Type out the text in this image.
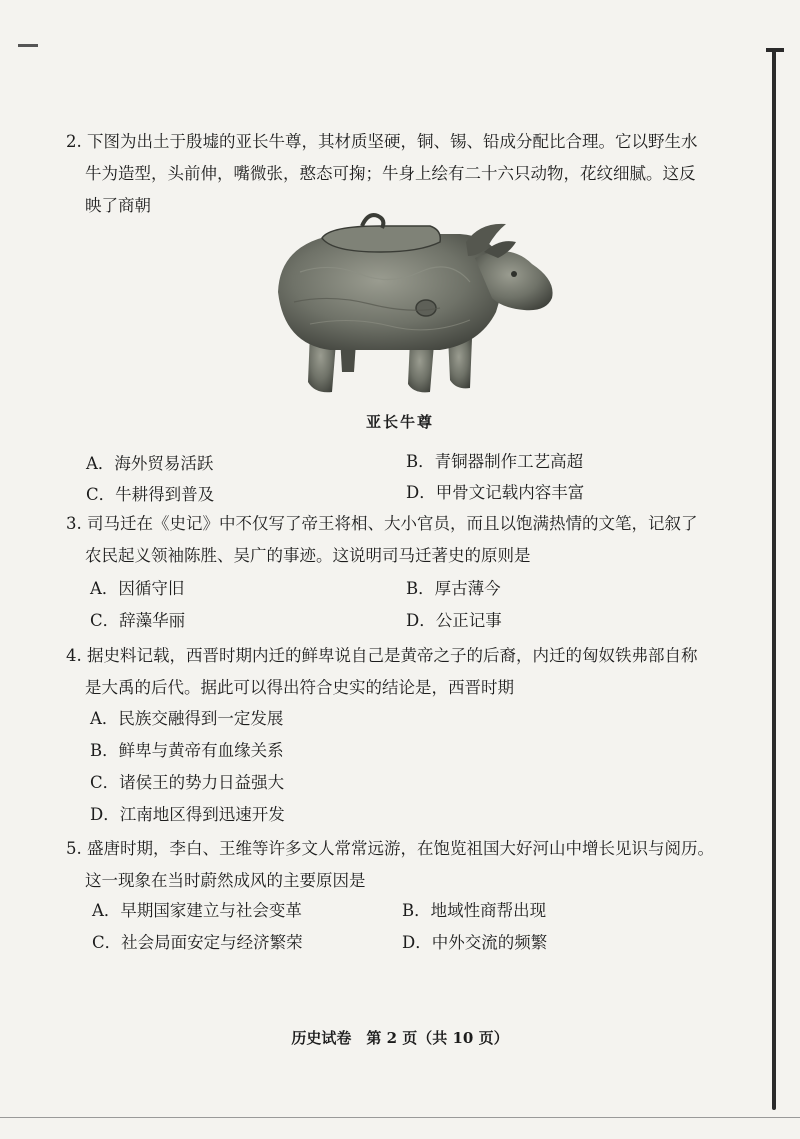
2. 下图为出土于殷墟的亚长牛尊，其材质坚硬，铜、锡、铅成分配比合理。它以野生水

牛为造型，头前伸，嘴微张，憨态可掬；牛身上绘有二十六只动物，花纹细腻。这反

映了商朝

亚长牛尊
A．海外贸易活跃	B．青铜器制作工艺高超
C．牛耕得到普及	D．甲骨文记载内容丰富

3. 司马迁在《史记》中不仅写了帝王将相、大小官员，而且以饱满热情的文笔，记叙了

农民起义领袖陈胜、吴广的事迹。这说明司马迁著史的原则是

A．因循守旧	B．厚古薄今
C．辞藻华丽	D．公正记事

4. 据史料记载，西晋时期内迁的鲜卑说自己是黄帝之子的后裔，内迁的匈奴铁弗部自称

是大禹的后代。据此可以得出符合史实的结论是，西晋时期

A．民族交融得到一定发展
B．鲜卑与黄帝有血缘关系
C．诸侯王的势力日益强大
D．江南地区得到迅速开发

5. 盛唐时期，李白、王维等许多文人常常远游，在饱览祖国大好河山中增长见识与阅历。

这一现象在当时蔚然成风的主要原因是

A．早期国家建立与社会变革	B．地域性商帮出现
C．社会局面安定与经济繁荣	D．中外交流的频繁
历史试卷　第 2 页（共 10 页）
